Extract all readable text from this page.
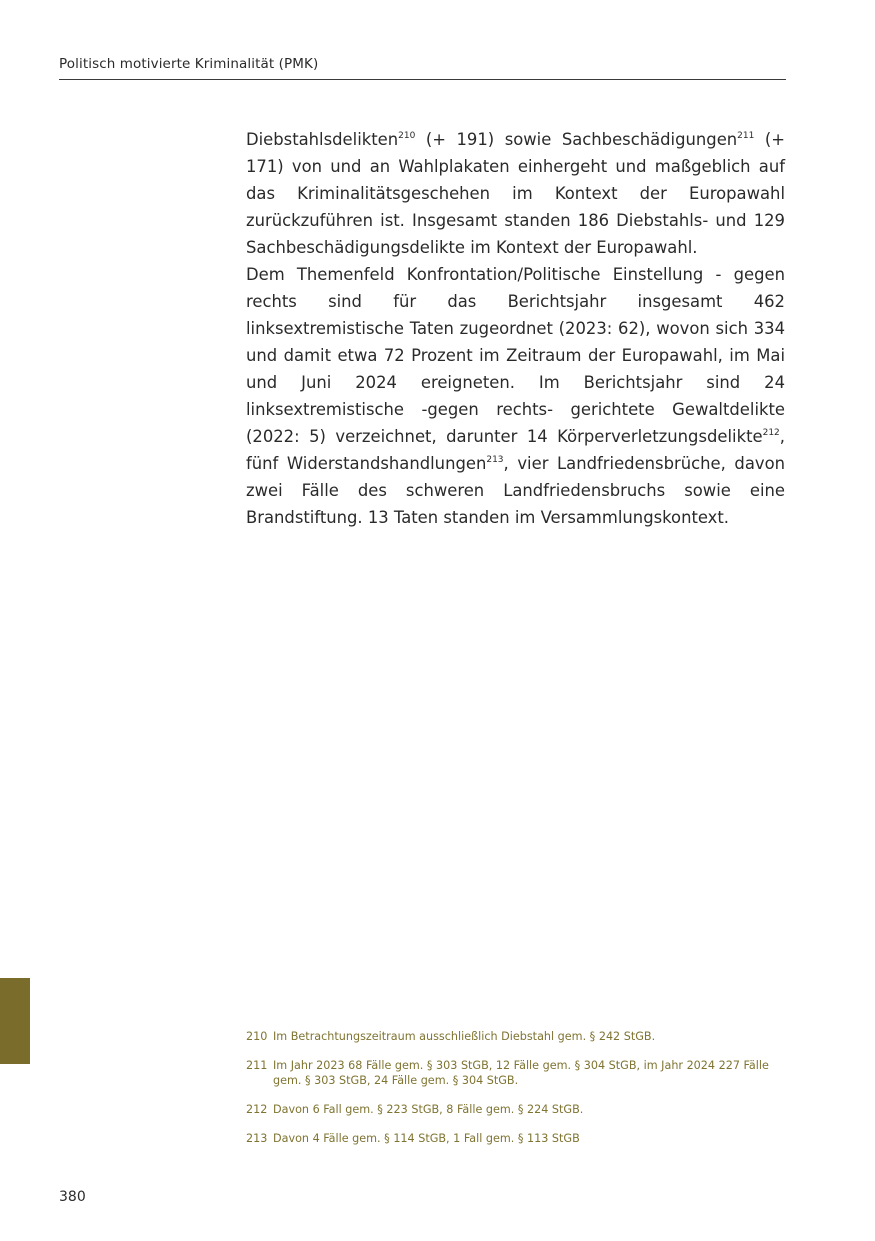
Politisch motivierte Kriminalität (PMK)

Diebstahlsdelikten$^{210}$ (+ 191) sowie Sachbeschädigungen$^{211}$ (+ 171) von und an Wahlplakaten einhergeht und maßgeblich auf das Kriminalitätsgeschehen im Kontext der Europawahl zurückzuführen ist. Insgesamt standen 186 Diebstahls- und 129 Sachbeschädigungsdelikte im Kontext der Europawahl.

Dem Themenfeld Konfrontation/Politische Einstellung - gegen rechts sind für das Berichtsjahr insgesamt 462 linksextremistische Taten zugeordnet (2023: 62), wovon sich 334 und damit etwa 72 Prozent im Zeitraum der Europawahl, im Mai und Juni 2024 ereigneten. Im Berichtsjahr sind 24 linksextremistische -gegen rechts- gerichtete Gewaltdelikte (2022: 5) verzeichnet, darunter 14 Körperverletzungsdelikte$^{212}$, fünf Widerstandshandlungen$^{213}$, vier Landfriedensbrüche, davon zwei Fälle des schweren Landfriedensbruchs sowie eine Brandstiftung. 13 Taten standen im Versammlungskontext.

210 Im Betrachtungszeitraum ausschließlich Diebstahl gem. § 242 StGB.
211 Im Jahr 2023 68 Fälle gem. § 303 StGB, 12 Fälle gem. § 304 StGB, im Jahr 2024 227 Fälle gem. § 303 StGB, 24 Fälle gem. § 304 StGB.
212 Davon 6 Fall gem. § 223 StGB, 8 Fälle gem. § 224 StGB.
213 Davon 4 Fälle gem. § 114 StGB, 1 Fall gem. § 113 StGB
380
